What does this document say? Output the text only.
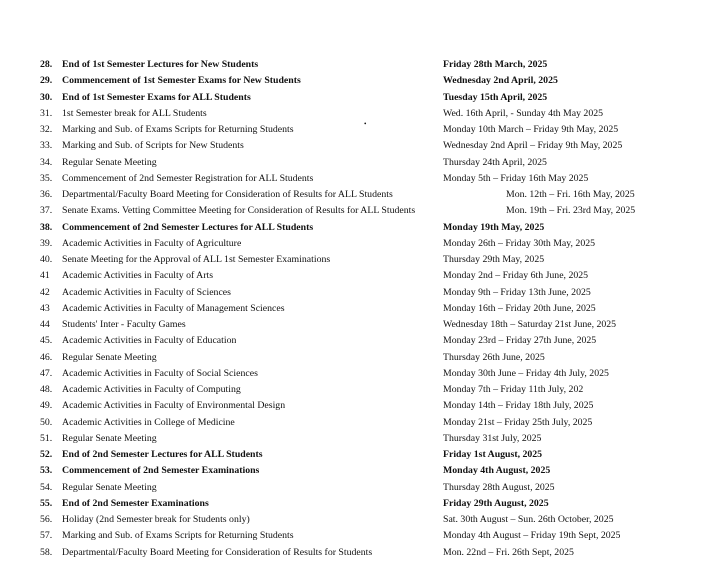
28. End of 1st Semester Lectures for New Students	Friday 28th March, 2025
29. Commencement of 1st Semester Exams for New Students	Wednesday 2nd April, 2025
30. End of 1st Semester Exams for ALL Students	Tuesday 15th April, 2025
31. 1st Semester break for ALL Students	Wed. 16th April, - Sunday 4th May 2025
32. Marking and Sub. of Exams Scripts for Returning Students	Monday 10th March – Friday 9th May, 2025
33. Marking and Sub. of Scripts for New Students	Wednesday 2nd April – Friday 9th May, 2025
34. Regular Senate Meeting	Thursday 24th April, 2025
35. Commencement of 2nd Semester Registration for ALL Students	Monday 5th – Friday 16th May 2025
36. Departmental/Faculty Board Meeting for Consideration of Results for ALL Students	Mon. 12th – Fri. 16th May, 2025
37. Senate Exams. Vetting Committee Meeting for Consideration of Results for ALL Students	Mon. 19th – Fri. 23rd May, 2025
38. Commencement of 2nd Semester Lectures for ALL Students	Monday 19th May, 2025
39. Academic Activities in Faculty of Agriculture	Monday 26th – Friday 30th May, 2025
40. Senate Meeting for the Approval of ALL 1st Semester Examinations	Thursday 29th May, 2025
41 Academic Activities in Faculty of Arts	Monday 2nd – Friday 6th June, 2025
42 Academic Activities in Faculty of Sciences	Monday 9th – Friday 13th June, 2025
43 Academic Activities in Faculty of Management Sciences	Monday 16th – Friday 20th June, 2025
44 Students' Inter - Faculty Games	Wednesday 18th – Saturday 21st June, 2025
45. Academic Activities in Faculty of Education	Monday 23rd – Friday 27th June, 2025
46. Regular Senate Meeting	Thursday 26th June, 2025
47. Academic Activities in Faculty of Social Sciences	Monday 30th June – Friday 4th July, 2025
48. Academic Activities in Faculty of Computing	Monday 7th – Friday 11th July, 202
49. Academic Activities in Faculty of Environmental Design	Monday 14th – Friday 18th July, 2025
50. Academic Activities in College of Medicine	Monday 21st – Friday 25th July, 2025
51. Regular Senate Meeting	Thursday 31st July, 2025
52. End of 2nd Semester Lectures for ALL Students	Friday 1st August, 2025
53. Commencement of 2nd Semester Examinations	Monday 4th August, 2025
54. Regular Senate Meeting	Thursday 28th August, 2025
55. End of 2nd Semester Examinations	Friday 29th August, 2025
56. Holiday (2nd Semester break for Students only)	Sat. 30th August – Sun. 26th October, 2025
57. Marking and Sub. of Exams Scripts for Returning Students	Monday 4th August – Friday 19th Sept, 2025
58. Departmental/Faculty Board Meeting for Consideration of Results for Students	Mon. 22nd – Fri. 26th Sept, 2025
•
